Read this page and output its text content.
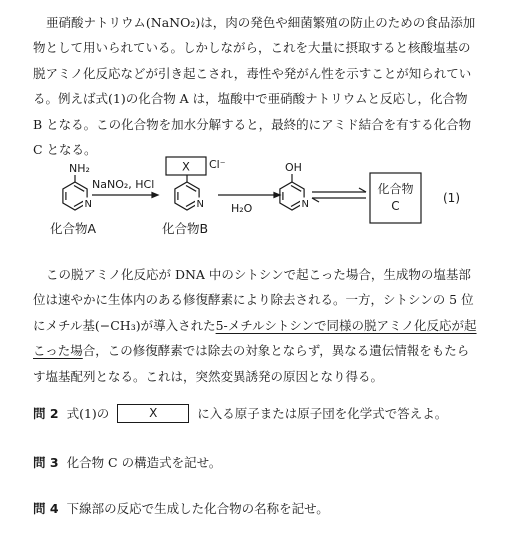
亜硝酸ナトリウム(NaNO₂)は，肉の発色や細菌繁殖の防止のための食品添加物として用いられている。しかしながら，これを大量に摂取すると核酸塩基の脱アミノ化反応などが引き起こされ，毒性や発がん性を示すことが知られている。例えば式(1)の化合物 A は，塩酸中で亜硝酸ナトリウムと反応し，化合物 B となる。この化合物を加水分解すると，最終的にアミド結合を有する化合物 C となる。

NH₂
N
NaNO₂, HCl
化合物A
X Cl⁻
N
化合物B
H₂O
OH
N
化合物
C
(1)

この脱アミノ化反応が DNA 中のシトシンで起こった場合，生成物の塩基部位は速やかに生体内のある修復酵素により除去される。一方，シトシンの 5 位にメチル基(−CH₃)が導入された5-メチルシトシンで同様の脱アミノ化反応が起こった場合，この修復酵素では除去の対象とならず，異なる遺伝情報をもたらす塩基配列となる。これは，突然変異誘発の原因となり得る。

問 2 式(1)の	X	に入る原子または原子団を化学式で答えよ。
問 3 化合物 C の構造式を記せ。
問 4 下線部の反応で生成した化合物の名称を記せ。
